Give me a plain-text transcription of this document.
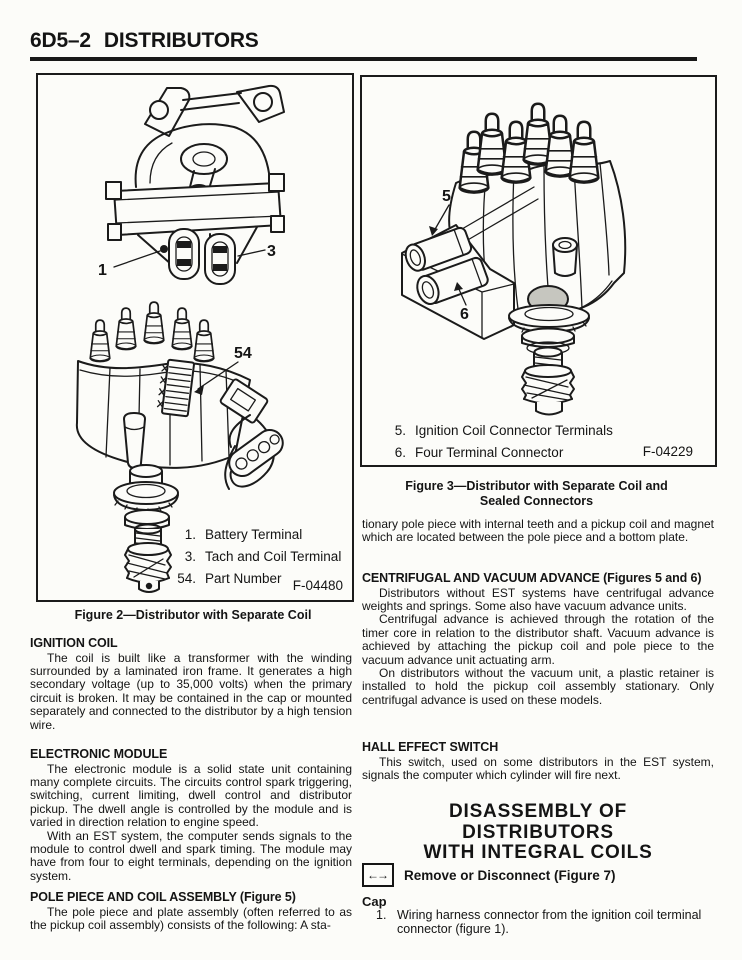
6D5–2 DISTRIBUTORS
1
3
54
1. Battery Terminal
3. Tach and Coil Terminal
54. Part Number F-04480
Figure 2—Distributor with Separate Coil
5
6
5. Ignition Coil Connector Terminals
6. Four Terminal Connector	F-04229
Figure 3—Distributor with Separate Coil and
Sealed Connectors
IGNITION COIL

The coil is built like a transformer with the winding surrounded by a laminated iron frame. It generates a high secondary voltage (up to 35,000 volts) when the primary circuit is broken. It may be contained in the cap or mounted separately and connected to the distributor by a high tension wire.

ELECTRONIC MODULE

The electronic module is a solid state unit containing many complete circuits. The circuits control spark triggering, switching, current limiting, dwell control and distributor pickup. The dwell angle is controlled by the module and is varied in direction relation to engine speed.

With an EST system, the computer sends signals to the module to control dwell and spark timing. The module may have from four to eight terminals, depending on the ignition system.

POLE PIECE AND COIL ASSEMBLY (Figure 5)

The pole piece and plate assembly (often referred to as the pickup coil assembly) consists of the following: A sta-

tionary pole piece with internal teeth and a pickup coil and magnet which are located between the pole piece and a bottom plate.

CENTRIFUGAL AND VACUUM ADVANCE (Figures 5 and 6)

Distributors without EST systems have centrifugal advance weights and springs. Some also have vacuum advance units.

Centrifugal advance is achieved through the rotation of the timer core in relation to the distributor shaft. Vacuum advance is achieved by attaching the pickup coil and pole piece to the vacuum advance unit actuating arm.

On distributors without the vacuum unit, a plastic retainer is installed to hold the pickup coil assembly stationary. Only centrifugal advance is used on these models.

HALL EFFECT SWITCH

This switch, used on some distributors in the EST system, signals the computer which cylinder will fire next.

DISASSEMBLY OF
DISTRIBUTORS
WITH INTEGRAL COILS
←→	Remove or Disconnect (Figure 7)
Cap
1. Wiring harness connector from the ignition coil terminal connector (figure 1).
